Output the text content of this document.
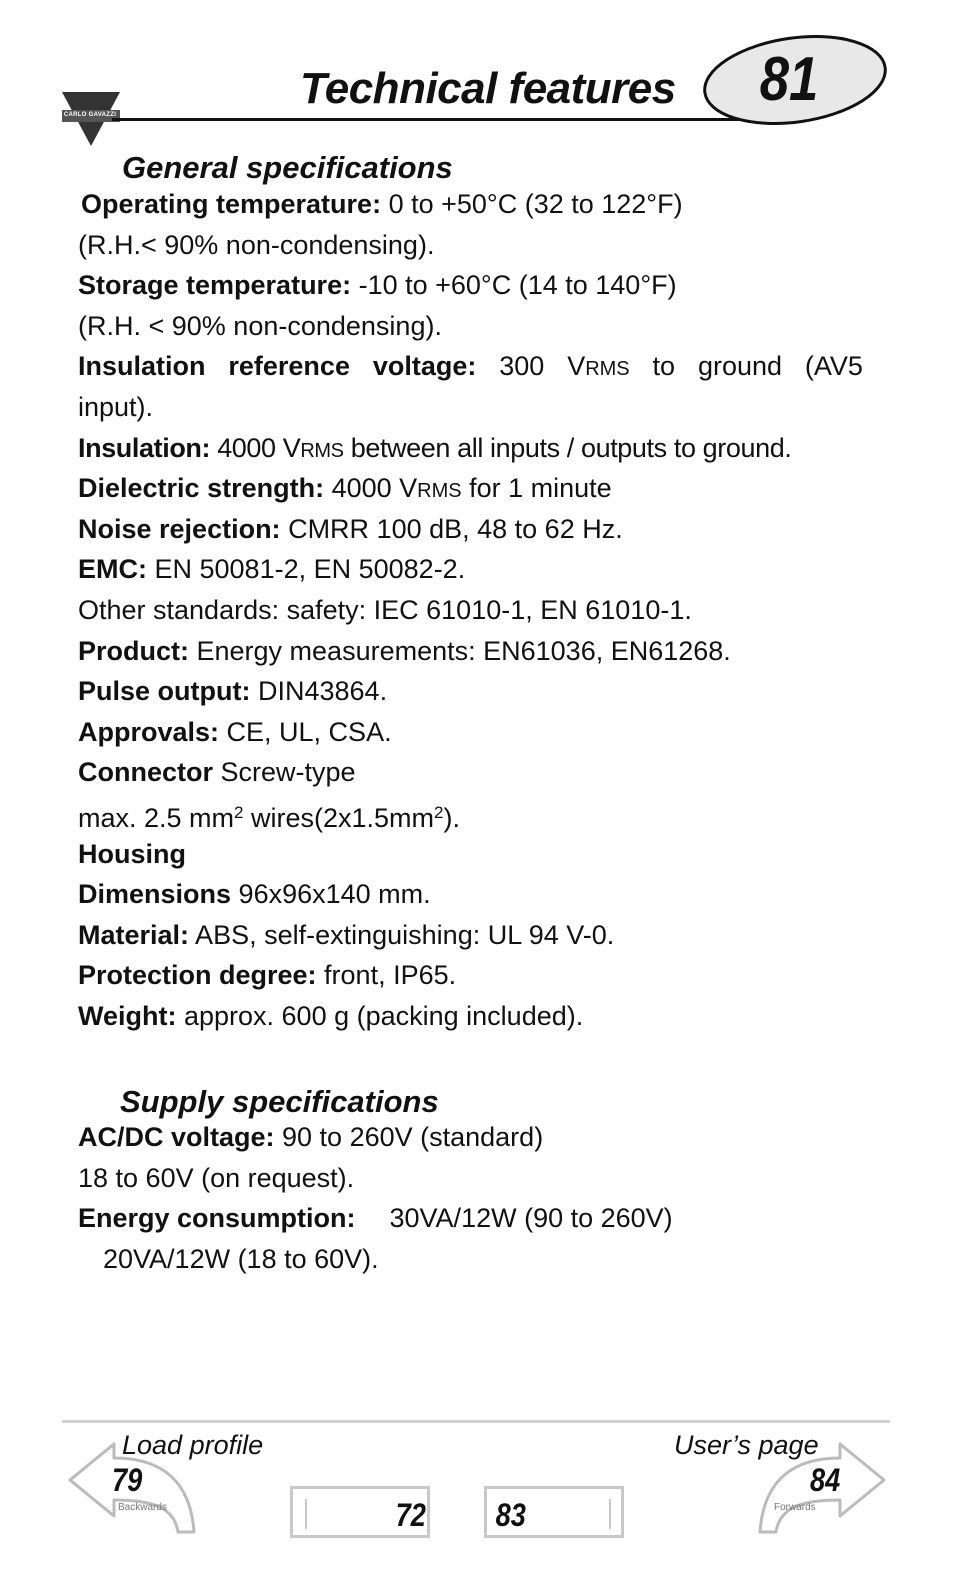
CARLO GAVAZZI
Technical features	81
General specifications
Operating temperature: 0 to +50°C (32 to 122°F)
(R.H.< 90% non-condensing).
Storage temperature: -10 to +60°C (14 to 140°F)
(R.H. < 90% non-condensing).
Insulation reference voltage: 300 VRMS to ground (AV5
input).
Insulation: 4000 VRMS between all inputs / outputs to ground.
Dielectric strength: 4000 VRMS for 1 minute
Noise rejection: CMRR 100 dB, 48 to 62 Hz.
EMC: EN 50081-2, EN 50082-2.
Other standards: safety: IEC 61010-1, EN 61010-1.
Product: Energy measurements: EN61036, EN61268.
Pulse output: DIN43864.
Approvals: CE, UL, CSA.
Connector Screw-type
max. 2.5 $mm^2$ $wires(2x1.5mm^2)$.
Housing
Dimensions 96x96x140 mm.
Material: ABS, self-extinguishing: UL 94 V-0.
Protection degree: front, IP65.
Weight: approx. 600 g (packing included).
Supply specifications
AC/DC voltage: 90 to 260V (standard)
18 to 60V (on request).
Energy consumption: 30VA/12W (90 to 260V)
20VA/12W (18 to 60V).
Load profile
79
Backwards
User’s page
84
Forwards
72 83
